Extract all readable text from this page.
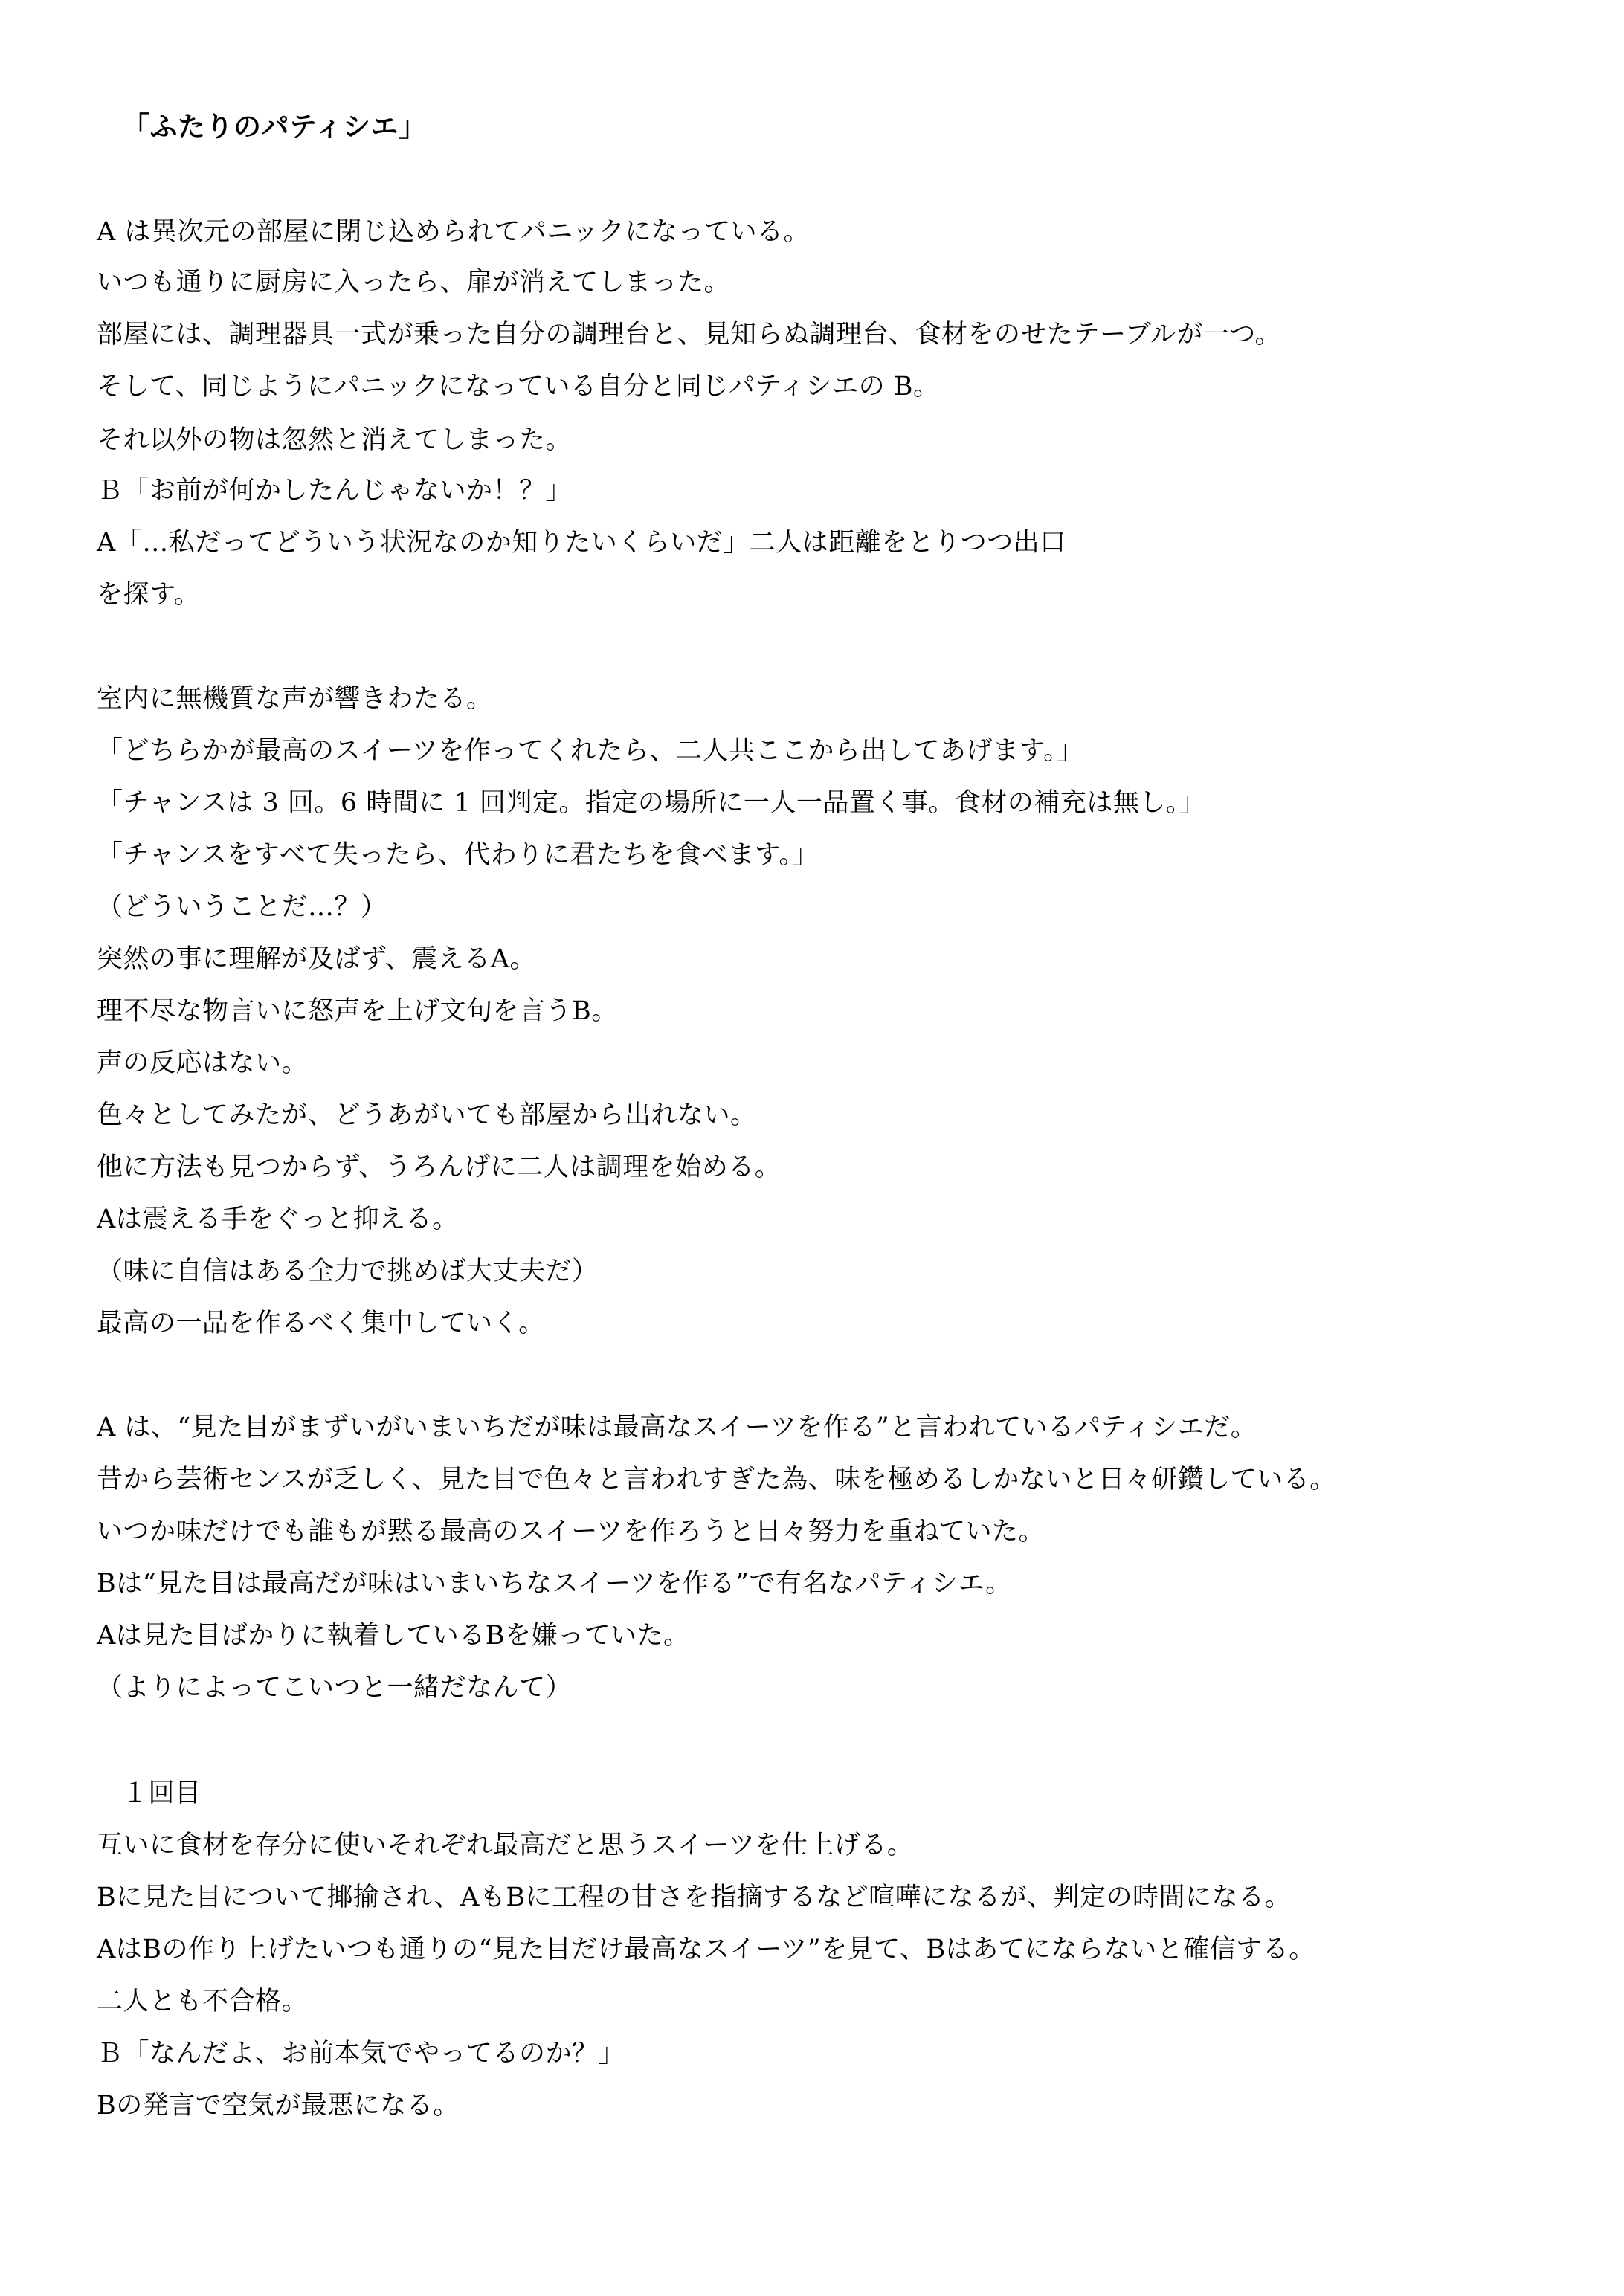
「ふたりのパティシエ」
A は異次元の部屋に閉じ込められてパニックになっている。
いつも通りに厨房に入ったら、扉が消えてしまった。
部屋には、調理器具一式が乗った自分の調理台と、見知らぬ調理台、食材をのせたテーブルが一つ。
そして、同じようにパニックになっている自分と同じパティシエの B。
それ以外の物は忽然と消えてしまった。
Ｂ「お前が何かしたんじゃないか！？」
A「…私だってどういう状況なのか知りたいくらいだ」二人は距離をとりつつ出口
を探す。
室内に無機質な声が響きわたる。
「どちらかが最高のスイーツを作ってくれたら、二人共ここから出してあげます。」
「チャンスは 3 回。6 時間に 1 回判定。指定の場所に一人一品置く事。食材の補充は無し。」
「チャンスをすべて失ったら、代わりに君たちを食べます。」
（どういうことだ…？）
突然の事に理解が及ばず、震えるA。
理不尽な物言いに怒声を上げ文句を言うB。
声の反応はない。
色々としてみたが、どうあがいても部屋から出れない。
他に方法も見つからず、うろんげに二人は調理を始める。
Aは震える手をぐっと抑える。
（味に自信はある全力で挑めば大丈夫だ）
最高の一品を作るべく集中していく。
A は、“見た目がまずいがいまいちだが味は最高なスイーツを作る”と言われているパティシエだ。
昔から芸術センスが乏しく、見た目で色々と言われすぎた為、味を極めるしかないと日々研鑽している。
いつか味だけでも誰もが黙る最高のスイーツを作ろうと日々努力を重ねていた。
Bは“見た目は最高だが味はいまいちなスイーツを作る”で有名なパティシエ。
Aは見た目ばかりに執着しているBを嫌っていた。
（よりによってこいつと一緒だなんて）
１回目
互いに食材を存分に使いそれぞれ最高だと思うスイーツを仕上げる。
Bに見た目について揶揄され、AもBに工程の甘さを指摘するなど喧嘩になるが、判定の時間になる。
AはBの作り上げたいつも通りの“見た目だけ最高なスイーツ”を見て、Bはあてにならないと確信する。
二人とも不合格。
Ｂ「なんだよ、お前本気でやってるのか？」
Bの発言で空気が最悪になる。
